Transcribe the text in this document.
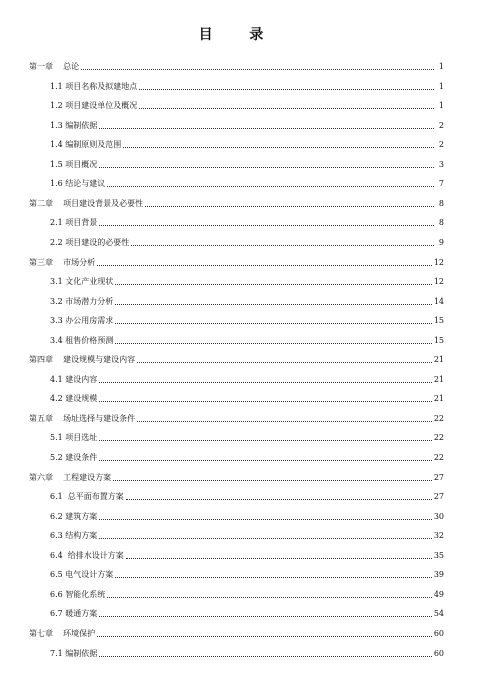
目 录
第一章    总论	1
1.1 项目名称及拟建地点	1
1.2 项目建设单位及概况	1
1.3 编制依据	2
1.4 编制原则及范围	2
1.5 项目概况	3
1.6 结论与建议	7
第二章    项目建设背景及必要性	8
2.1 项目背景	8
2.2 项目建设的必要性	9
第三章    市场分析	12
3.1 文化产业现状	12
3.2 市场潜力分析	14
3.3 办公用房需求	15
3.4 租售价格预测	15
第四章    建设规模与建设内容	21
4.1 建设内容	21
4.2 建设规模	21
第五章    场址选择与建设条件	22
5.1 项目选址	22
5.2 建设条件	22
第六章    工程建设方案	27
6.1  总平面布置方案	27
6.2 建筑方案	30
6.3 结构方案	32
6.4  给排水设计方案	35
6.5 电气设计方案	39
6.6 智能化系统	49
6.7 暖通方案	54
第七章    环境保护	60
7.1 编制依据	60
